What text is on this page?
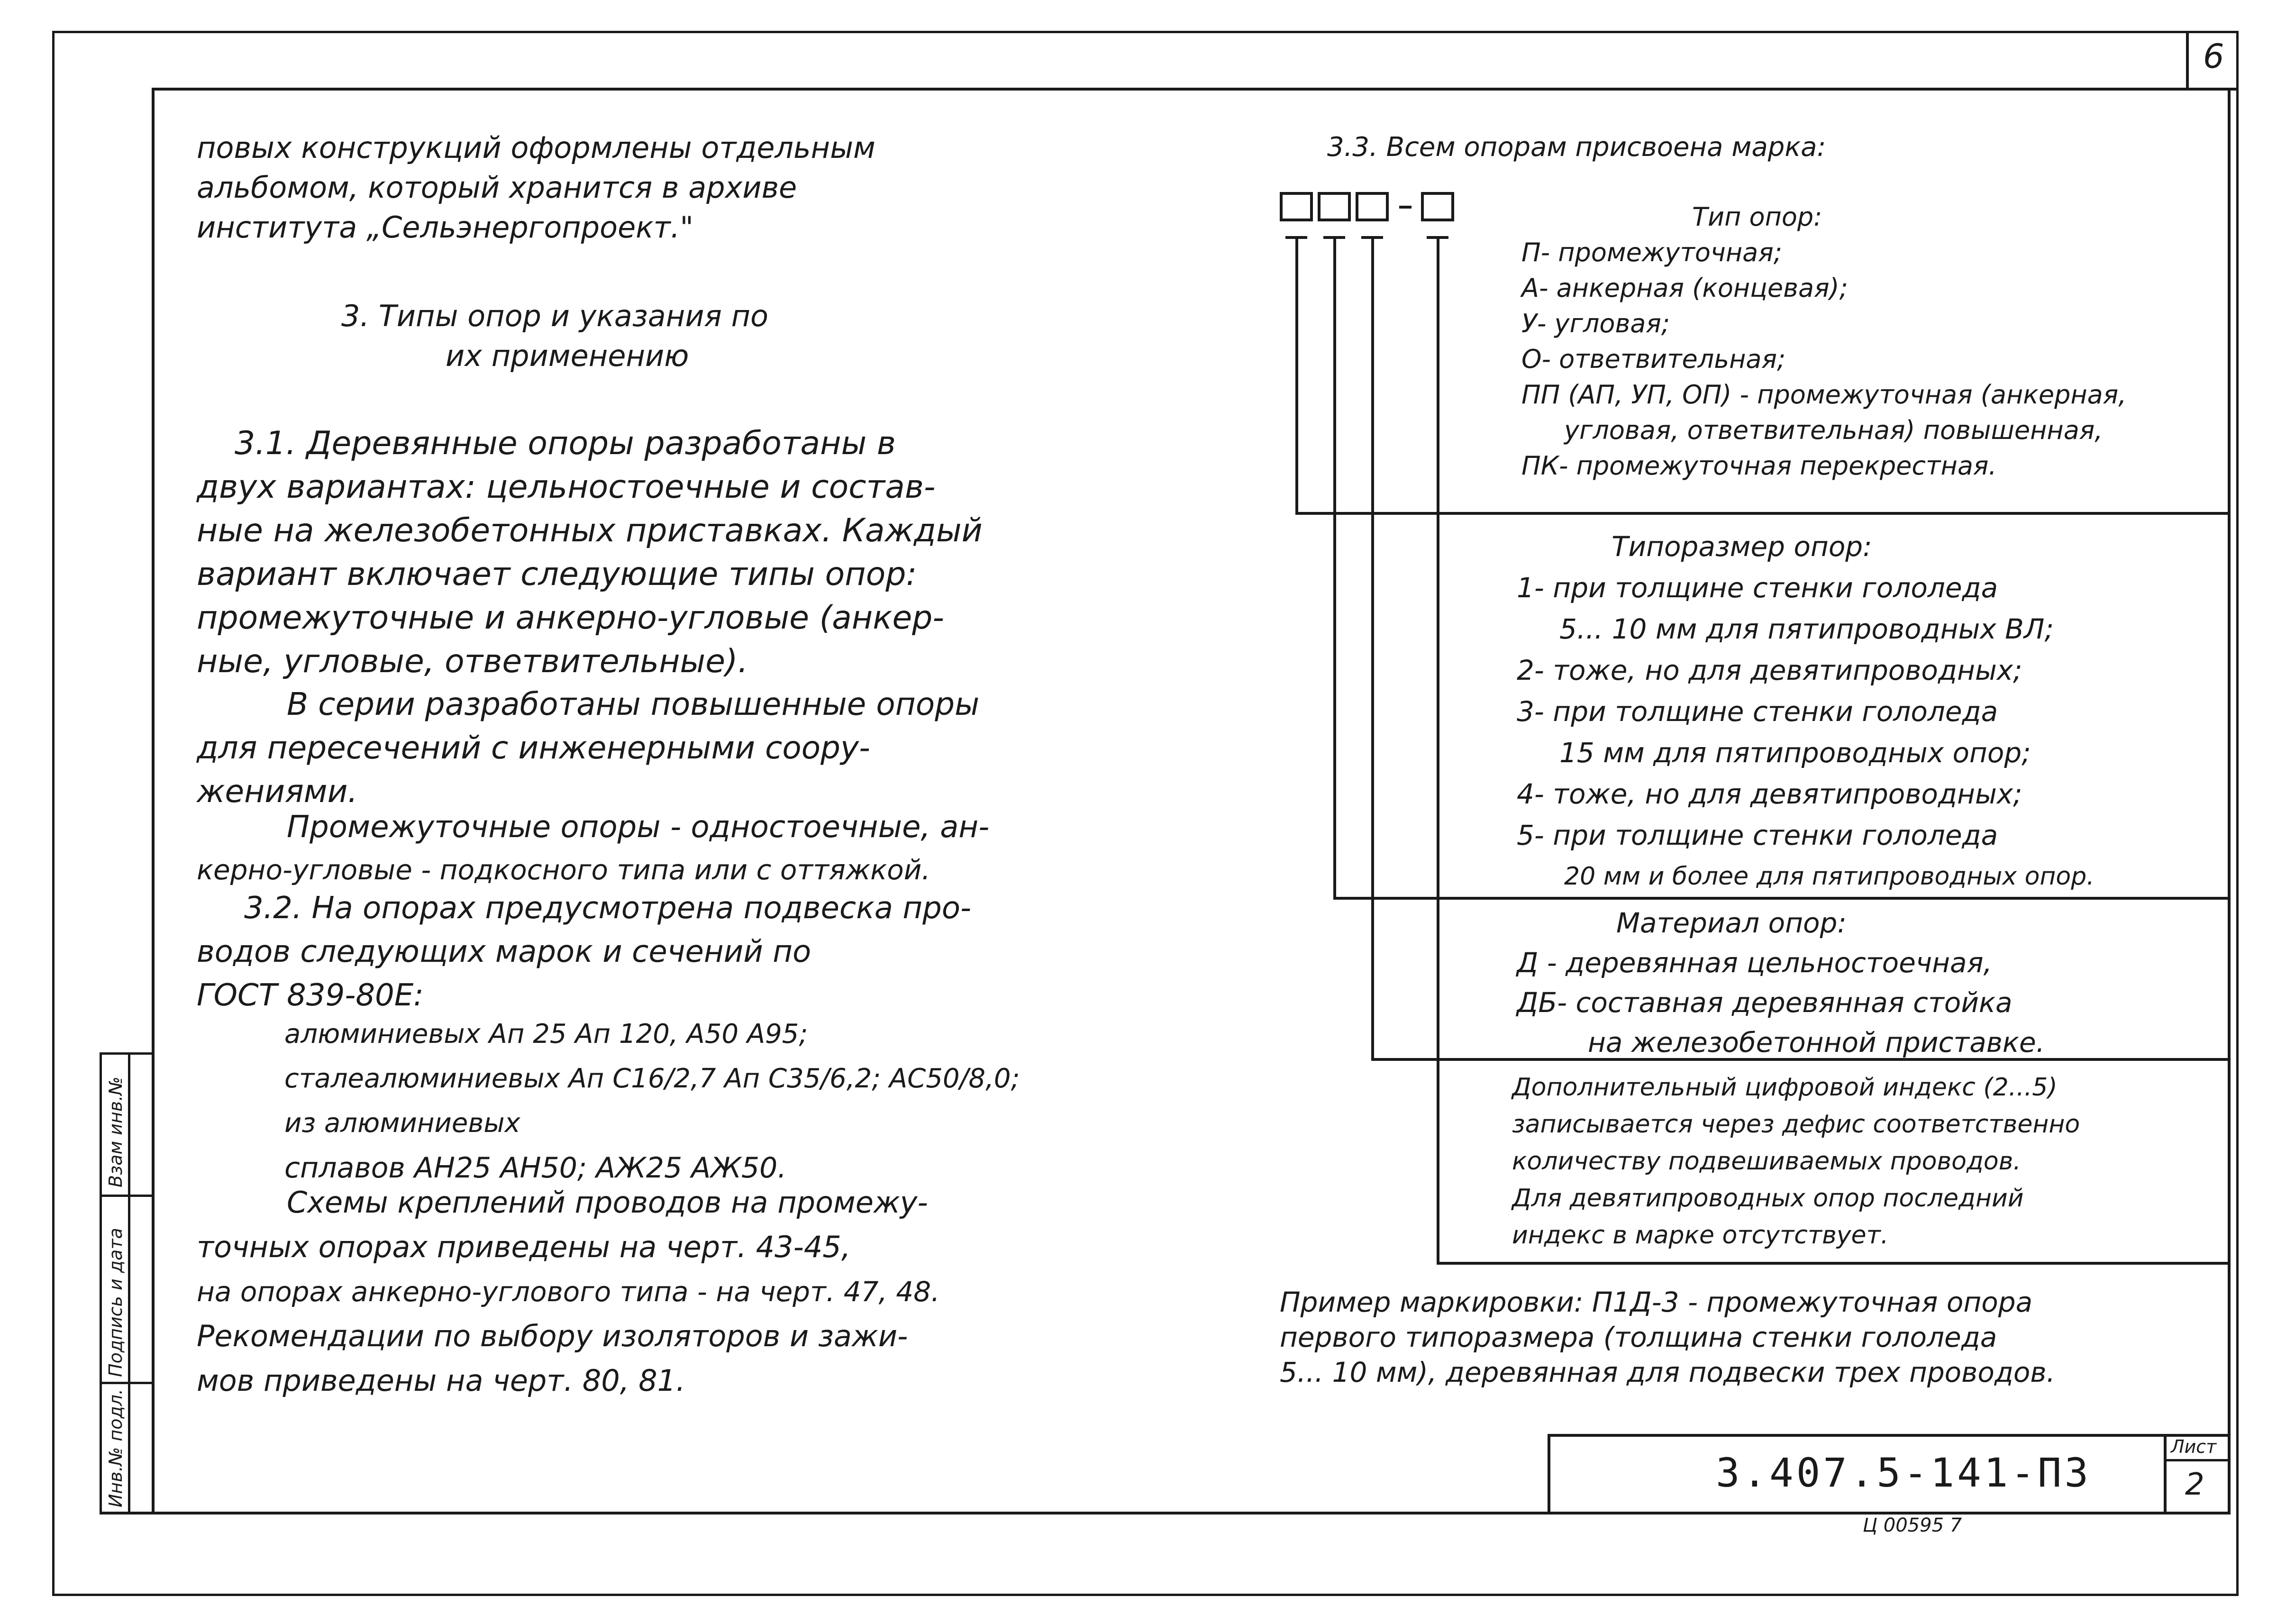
6
Инв.№ подл.
Подпись и дата
Взам инв.№
повых конструкций оформлены отдельным
альбомом, который хранится в архиве
института „Сельэнергопроект."
3. Типы опор и указания по
их применению
3.1. Деревянные опоры разработаны в
двух вариантах: цельностоечные и состав-
ные на железобетонных приставках. Каждый
вариант включает следующие типы опор:
промежуточные и анкерно-угловые (анкер-
ные, угловые, ответвительные).
В серии разработаны повышенные опоры
для пересечений с инженерными соору-
жениями.
Промежуточные опоры - одностоечные, ан-
керно-угловые - подкосного типа или с оттяжкой.
3.2. На опорах предусмотрена подвеска про-
водов следующих марок и сечений по
ГОСТ 839-80Е:
алюминиевых Ап 25 Ап 120, А50 А95;
сталеалюминиевых Ап С16/2,7 Ап С35/6,2; АС50/8,0;
из алюминиевых
сплавов АН25 АН50; АЖ25 АЖ50.
Схемы креплений проводов на промежу-
точных опорах приведены на черт. 43-45,
на опорах анкерно-углового типа - на черт. 47, 48.
Рекомендации по выбору изоляторов и зажи-
мов приведены на черт. 80, 81.
3.3. Всем опорам присвоена марка:
Тип опор:
П- промежуточная;
А- анкерная (концевая);
У- угловая;
О- ответвительная;
ПП (АП, УП, ОП) - промежуточная (анкерная,
угловая, ответвительная) повышенная,
ПК- промежуточная перекрестная.
Типоразмер опор:
1- при толщине стенки гололеда
5... 10 мм для пятипроводных ВЛ;
2- тоже, но для девятипроводных;
3- при толщине стенки гололеда
15 мм для пятипроводных опор;
4- тоже, но для девятипроводных;
5- при толщине стенки гололеда
20 мм и более для пятипроводных опор.
Материал опор:
Д - деревянная цельностоечная,
ДБ- составная деревянная стойка
на железобетонной приставке.
Дополнительный цифровой индекс (2...5)
записывается через дефис соответственно
количеству подвешиваемых проводов.
Для девятипроводных опор последний
индекс в марке отсутствует.
Пример маркировки: П1Д-3 - промежуточная опора
первого типоразмера (толщина стенки гололеда
5... 10 мм), деревянная для подвески трех проводов.
3.407.5-141-П3
Лист
2
Ц 00595 7
